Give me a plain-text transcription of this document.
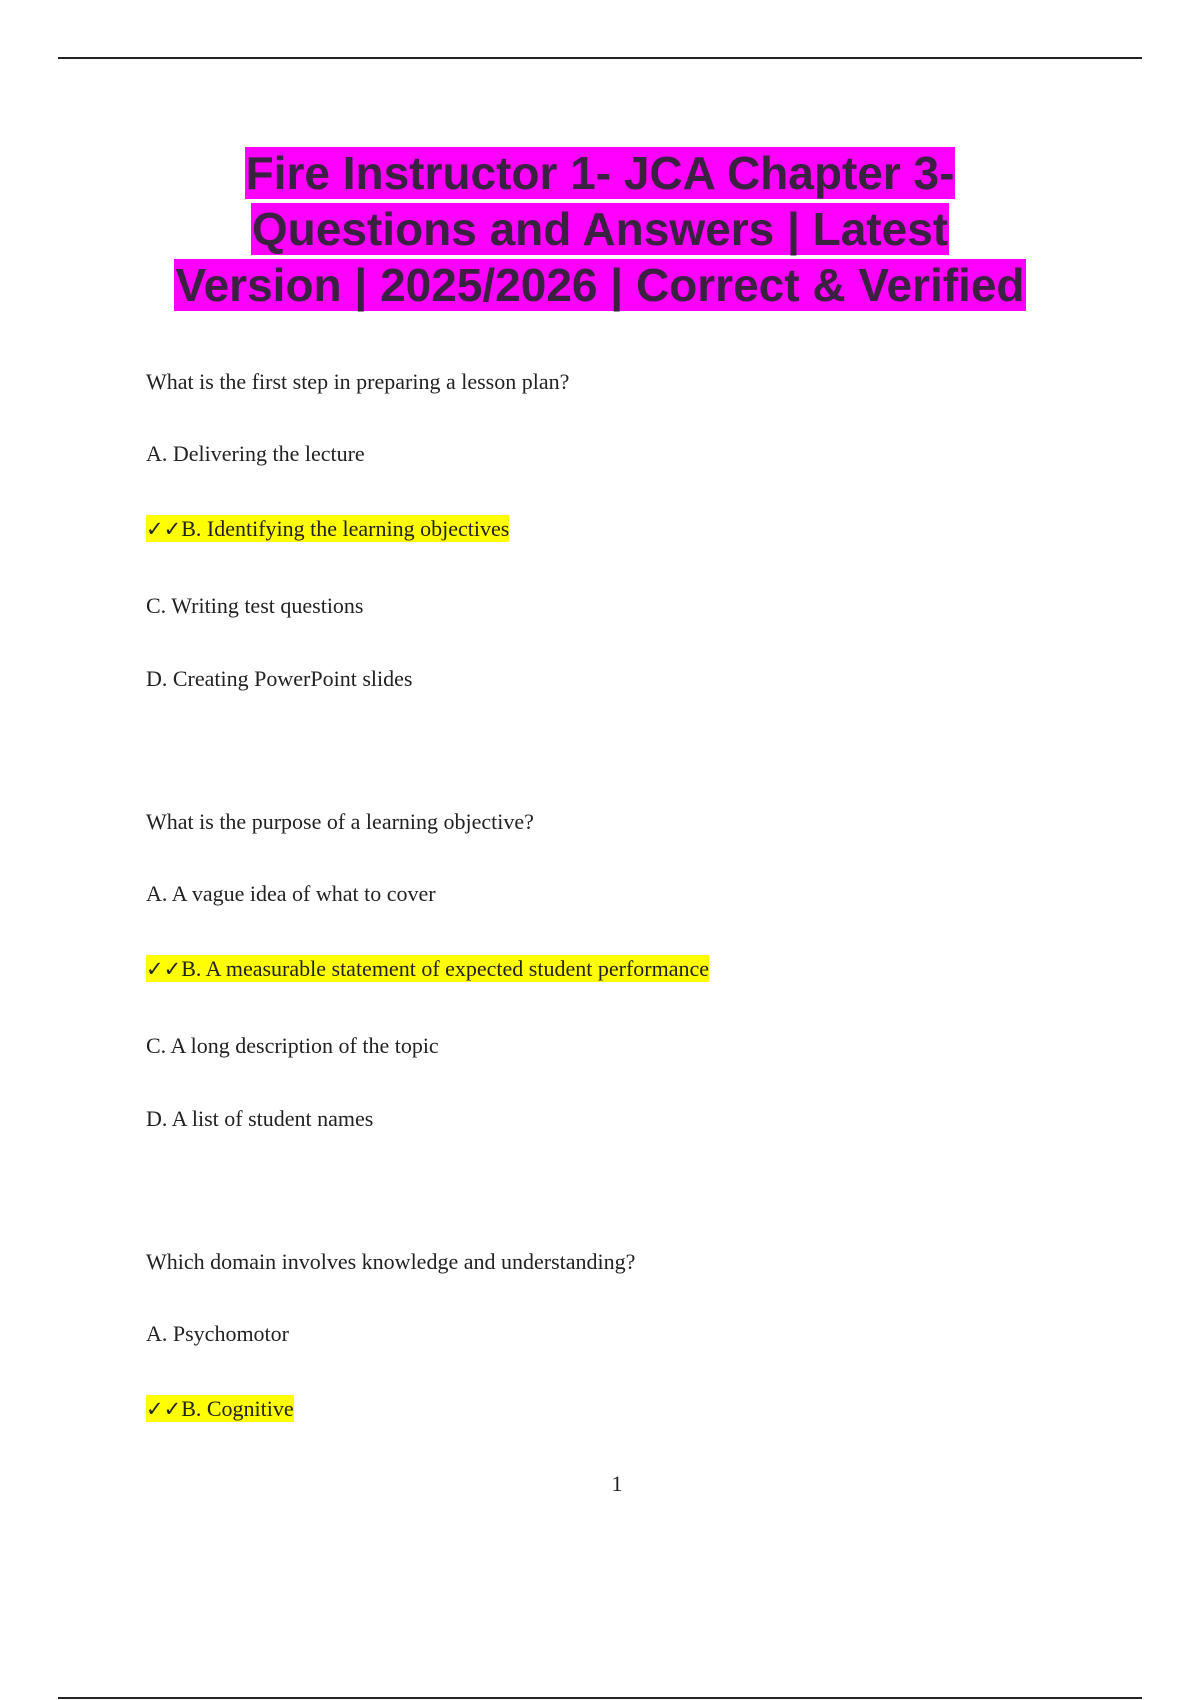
Fire Instructor 1- JCA Chapter 3-
Questions and Answers | Latest
Version | 2025/2026 | Correct & Verified
What is the first step in preparing a lesson plan?
A. Delivering the lecture
✓✓B. Identifying the learning objectives
C. Writing test questions
D. Creating PowerPoint slides
What is the purpose of a learning objective?
A. A vague idea of what to cover
✓✓B. A measurable statement of expected student performance
C. A long description of the topic
D. A list of student names
Which domain involves knowledge and understanding?
A. Psychomotor
✓✓B. Cognitive
1
